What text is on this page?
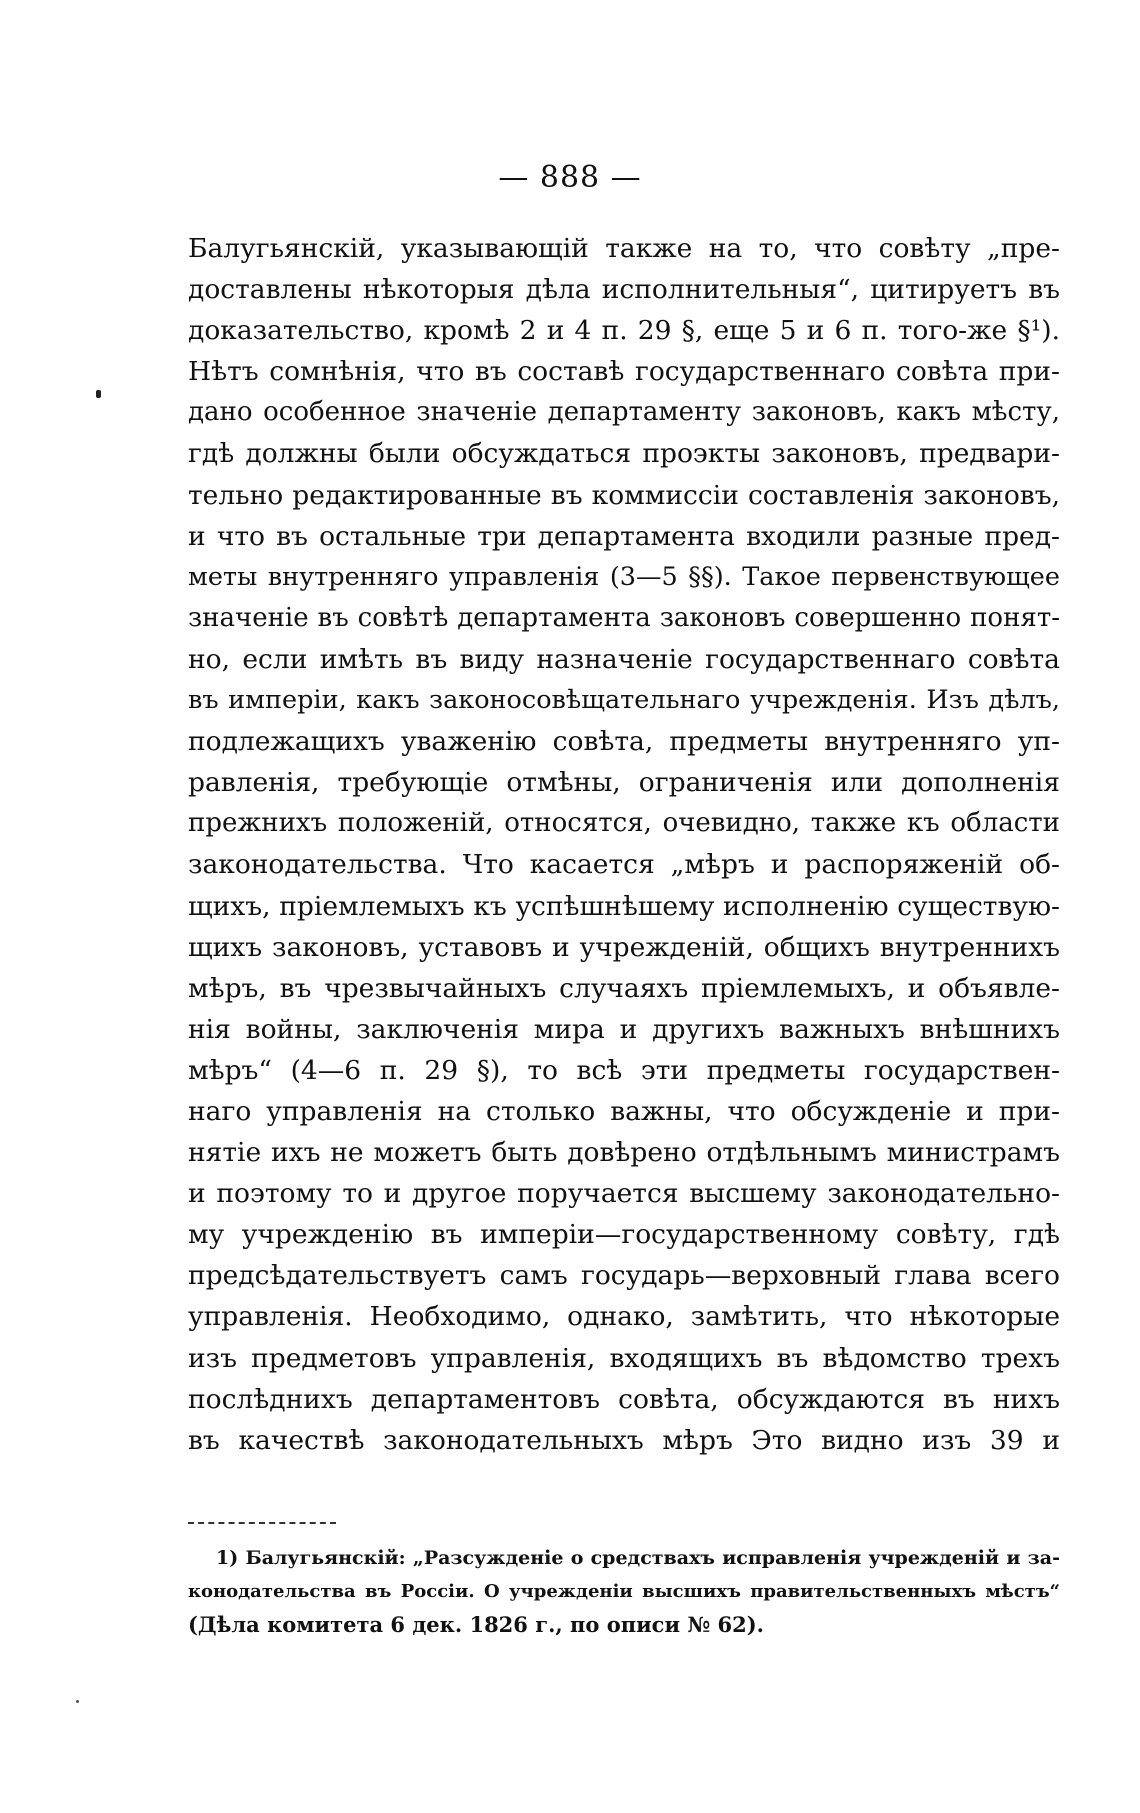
— 888 —
Балугьянскій, указывающій также на то, что совѣту „пре-
доставлены нѣкоторыя дѣла исполнительныя“, цитируетъ въ
доказательство, кромѣ 2 и 4 п. 29 §, еще 5 и 6 п. того-же §¹).
Нѣтъ сомнѣнія, что въ составѣ государственнаго совѣта при-
дано особенное значеніе департаменту законовъ, какъ мѣсту,
гдѣ должны были обсуждаться проэкты законовъ, предвари-
тельно редактированные въ коммиссіи составленія законовъ,
и что въ остальные три департамента входили разные пред-
меты внутренняго управленія (3—5 §§). Такое первенствующее
значеніе въ совѣтѣ департамента законовъ совершенно понят-
но, если имѣть въ виду назначеніе государственнаго совѣта
въ имперіи, какъ законосовѣщательнаго учрежденія. Изъ дѣлъ,
подлежащихъ уваженію совѣта, предметы внутренняго уп-
равленія, требующіе отмѣны, ограниченія или дополненія
прежнихъ положеній, относятся, очевидно, также къ области
законодательства. Что касается „мѣръ и распоряженій об-
щихъ, пріемлемыхъ къ успѣшнѣшему исполненію существую-
щихъ законовъ, уставовъ и учрежденій, общихъ внутреннихъ
мѣръ, въ чрезвычайныхъ случаяхъ пріемлемыхъ, и объявле-
нія войны, заключенія мира и другихъ важныхъ внѣшнихъ
мѣръ“ (4—6 п. 29 §), то всѣ эти предметы государствен-
наго управленія на столько важны, что обсужденіе и при-
нятіе ихъ не можетъ быть довѣрено отдѣльнымъ министрамъ
и поэтому то и другое поручается высшему законодательно-
му учрежденію въ имперіи—государственному совѣту, гдѣ
предсѣдательствуетъ самъ государь—верховный глава всего
управленія. Необходимо, однако, замѣтить, что нѣкоторые
изъ предметовъ управленія, входящихъ въ вѣдомство трехъ
послѣднихъ департаментовъ совѣта, обсуждаются въ нихъ
въ качествѣ законодательныхъ мѣръ Это видно изъ 39 и
1) Балугьянскій: „Разсужденіе о средствахъ исправленія учрежденій и за-
конодательства въ Россіи. О учрежденіи высшихъ правительственныхъ мѣстъ“
(Дѣла комитета 6 дек. 1826 г., по описи № 62).
